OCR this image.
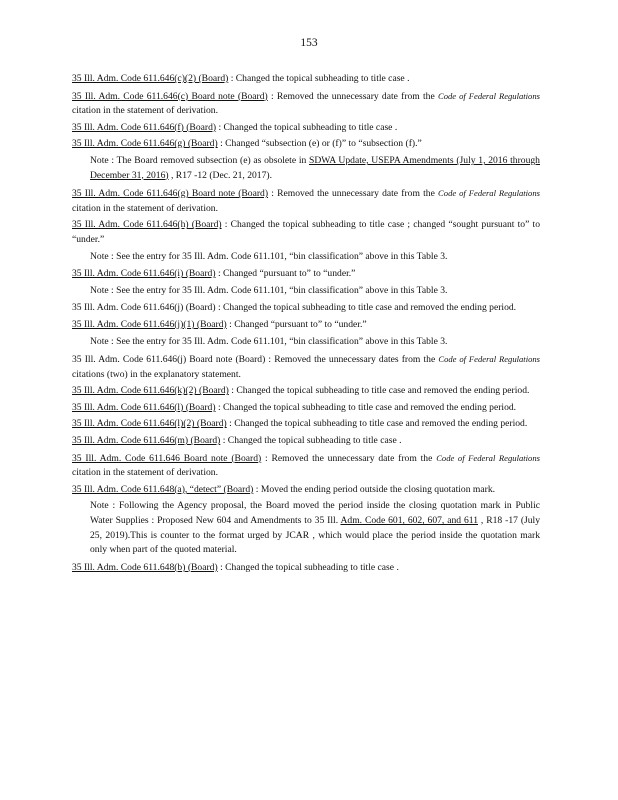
153
35 Ill. Adm. Code 611.646(c)(2) (Board) : Changed the topical subheading to title case .
35 Ill. Adm. Code 611.646(c) Board note (Board) : Removed the unnecessary date from the Code of Federal Regulations citation in the statement of derivation.
35 Ill. Adm. Code 611.646(f) (Board) : Changed the topical subheading to title case .
35 Ill. Adm. Code 611.646(g) (Board) : Changed “subsection (e) or (f)” to “subsection (f).”
Note : The Board removed subsection (e) as obsolete in SDWA Update, USEPA Amendments (July 1, 2016 through December 31, 2016) , R17 -12 (Dec. 21, 2017).
35 Ill. Adm. Code 611.646(g) Board note (Board) : Removed the unnecessary date from the Code of Federal Regulations citation in the statement of derivation.
35 Ill. Adm. Code 611.646(h) (Board) : Changed the topical subheading to title case ; changed “sought pursuant to” to “under.”
Note : See the entry for 35 Ill. Adm. Code 611.101, “bin classification” above in this Table 3.
35 Ill. Adm. Code 611.646(i) (Board) : Changed “pursuant to” to “under.”
Note : See the entry for 35 Ill. Adm. Code 611.101, “bin classification” above in this Table 3.
35 Ill. Adm. Code 611.646(j) (Board) : Changed the topical subheading to title case and removed the ending period.
35 Ill. Adm. Code 611.646(j)(1) (Board) : Changed “pursuant to” to “under.”
Note : See the entry for 35 Ill. Adm. Code 611.101, “bin classification” above in this Table 3.
35 Ill. Adm. Code 611.646(j) Board note (Board) : Removed the unnecessary dates from the Code of Federal Regulations citations (two) in the explanatory statement.
35 Ill. Adm. Code 611.646(k)(2) (Board) : Changed the topical subheading to title case and removed the ending period.
35 Ill. Adm. Code 611.646(l) (Board) : Changed the topical subheading to title case and removed the ending period.
35 Ill. Adm. Code 611.646(l)(2) (Board) : Changed the topical subheading to title case and removed the ending period.
35 Ill. Adm. Code 611.646(m) (Board) : Changed the topical subheading to title case .
35 Ill. Adm. Code 611.646 Board note (Board) : Removed the unnecessary date from the Code of Federal Regulations citation in the statement of derivation.
35 Ill. Adm. Code 611.648(a), “detect” (Board) : Moved the ending period outside the closing quotation mark.
Note : Following the Agency proposal, the Board moved the period inside the closing quotation mark in Public Water Supplies : Proposed New 604 and Amendments to 35 Ill. Adm. Code 601, 602, 607, and 611 , R18 -17 (July 25, 2019).This is counter to the format urged by JCAR , which would place the period inside the quotation mark only when part of the quoted material.
35 Ill. Adm. Code 611.648(b) (Board) : Changed the topical subheading to title case .
